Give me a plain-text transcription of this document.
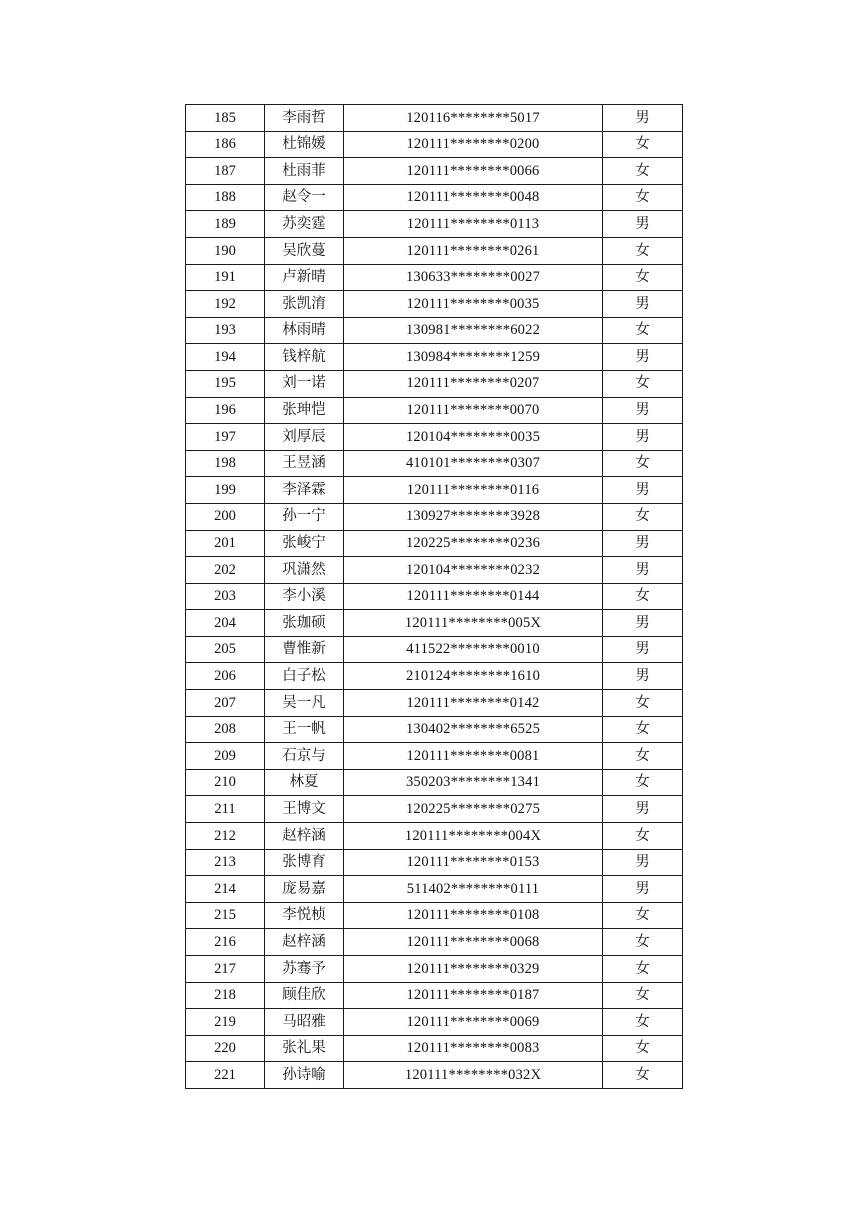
185	李雨哲	120116********5017	男
186	杜锦媛	120111********0200	女
187	杜雨菲	120111********0066	女
188	赵令一	120111********0048	女
189	苏奕霆	120111********0113	男
190	吴欣蔓	120111********0261	女
191	卢新晴	130633********0027	女
192	张凯淯	120111********0035	男
193	林雨晴	130981********6022	女
194	钱梓航	130984********1259	男
195	刘一诺	120111********0207	女
196	张珅恺	120111********0070	男
197	刘厚辰	120104********0035	男
198	王昱涵	410101********0307	女
199	李泽霖	120111********0116	男
200	孙一宁	130927********3928	女
201	张峻宁	120225********0236	男
202	巩潇然	120104********0232	男
203	李小溪	120111********0144	女
204	张珈硕	120111********005X	男
205	曹惟新	411522********0010	男
206	白子松	210124********1610	男
207	吴一凡	120111********0142	女
208	王一帆	130402********6525	女
209	石京与	120111********0081	女
210	林夏	350203********1341	女
211	王博文	120225********0275	男
212	赵梓涵	120111********004X	女
213	张博育	120111********0153	男
214	庞易嘉	511402********0111	男
215	李悦桢	120111********0108	女
216	赵梓涵	120111********0068	女
217	苏骞予	120111********0329	女
218	顾佳欣	120111********0187	女
219	马昭雅	120111********0069	女
220	张礼果	120111********0083	女
221	孙诗喻	120111********032X	女
